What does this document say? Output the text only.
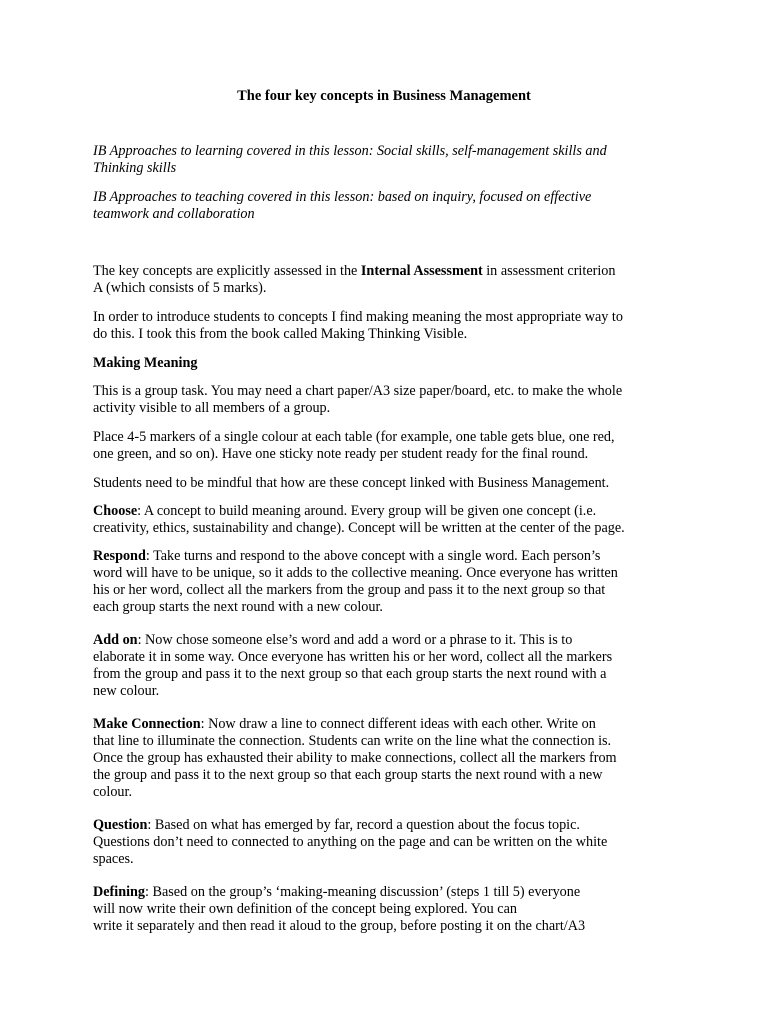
The four key concepts in Business Management

IB Approaches to learning covered in this lesson: Social skills, self-management skills and
Thinking skills

IB Approaches to teaching covered in this lesson: based on inquiry, focused on effective
teamwork and collaboration

The key concepts are explicitly assessed in the Internal Assessment in assessment criterion
A (which consists of 5 marks).

In order to introduce students to concepts I find making meaning the most appropriate way to
do this. I took this from the book called Making Thinking Visible.

Making Meaning

This is a group task. You may need a chart paper/A3 size paper/board, etc. to make the whole
activity visible to all members of a group.

Place 4-5 markers of a single colour at each table (for example, one table gets blue, one red,
one green, and so on). Have one sticky note ready per student ready for the final round.

Students need to be mindful that how are these concept linked with Business Management.

Choose: A concept to build meaning around. Every group will be given one concept (i.e.
creativity, ethics, sustainability and change). Concept will be written at the center of the page.

Respond: Take turns and respond to the above concept with a single word. Each person’s
word will have to be unique, so it adds to the collective meaning. Once everyone has written
his or her word, collect all the markers from the group and pass it to the next group so that
each group starts the next round with a new colour.

Add on: Now chose someone else’s word and add a word or a phrase to it. This is to
elaborate it in some way. Once everyone has written his or her word, collect all the markers
from the group and pass it to the next group so that each group starts the next round with a
new colour.

Make Connection: Now draw a line to connect different ideas with each other. Write on
that line to illuminate the connection. Students can write on the line what the connection is.
Once the group has exhausted their ability to make connections, collect all the markers from
the group and pass it to the next group so that each group starts the next round with a new
colour.

Question: Based on what has emerged by far, record a question about the focus topic.
Questions don’t need to connected to anything on the page and can be written on the white
spaces.

Defining: Based on the group’s ‘making-meaning discussion’ (steps 1 till 5) everyone
will now write their own definition of the concept being explored. You can
write it separately and then read it aloud to the group, before posting it on the chart/A3
